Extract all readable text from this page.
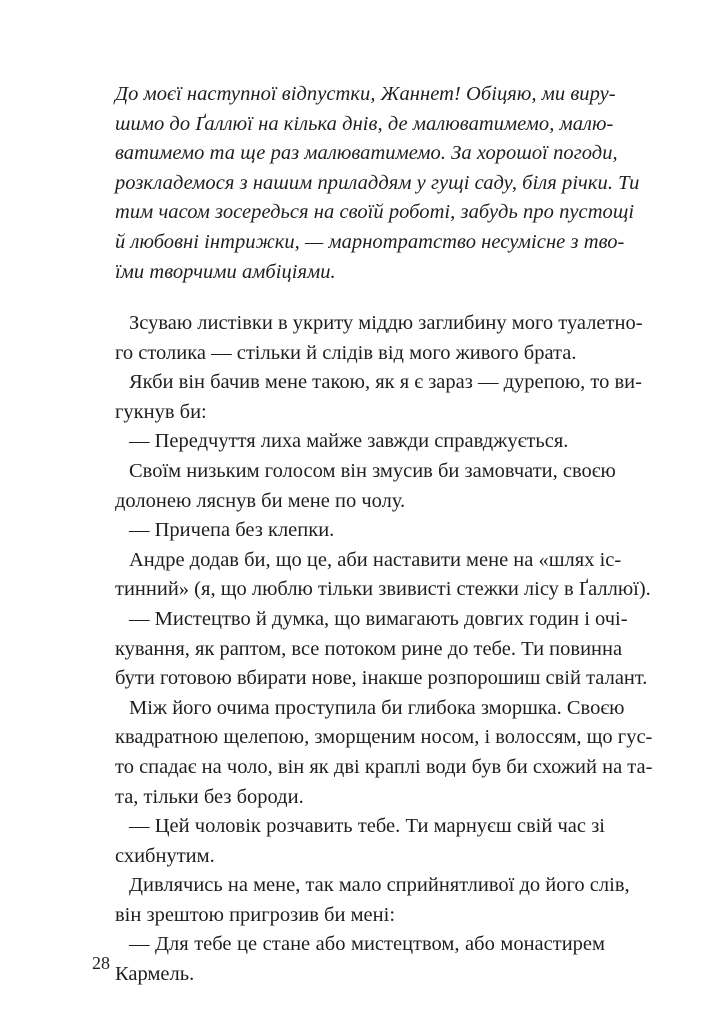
До моєї наступної відпустки, Жаннет! Обіцяю, ми виру-
шимо до Ґаллюї на кілька днів, де малюватимемо, малю-
ватимемо та ще раз малюватимемо. За хорошої погоди,
розкладемося з нашим приладдям у гущі саду, біля річки. Ти
тим часом зосередься на своїй роботі, забудь про пустощі
й любовні інтрижки, — марнотратство несумісне з тво-
їми творчими амбіціями.
Зсуваю листівки в укриту міддю заглибину мого туалетно-
го столика — стільки й слідів від мого живого брата.
Якби він бачив мене такою, як я є зараз — дурепою, то ви-
гукнув би:
— Передчуття лиха майже завжди справджується.
Своїм низьким голосом він змусив би замовчати, своєю
долонею ляснув би мене по чолу.
— Причепа без клепки.
Андре додав би, що це, аби наставити мене на «шлях іс-
тинний» (я, що люблю тільки звивисті стежки лісу в Ґаллюї).
— Мистецтво й думка, що вимагають довгих годин і очі-
кування, як раптом, все потоком рине до тебе. Ти повинна
бути готовою вбирати нове, інакше розпорошиш свій талант.
Між його очима проступила би глибока зморшка. Своєю
квадратною щелепою, зморщеним носом, і волоссям, що гус-
то спадає на чоло, він як дві краплі води був би схожий на та-
та, тільки без бороди.
— Цей чоловік розчавить тебе. Ти марнуєш свій час зі
схибнутим.
Дивлячись на мене, так мало сприйнятливої до його слів,
він зрештою пригрозив би мені:
— Для тебе це стане або мистецтвом, або монастирем
Кармель.
28
